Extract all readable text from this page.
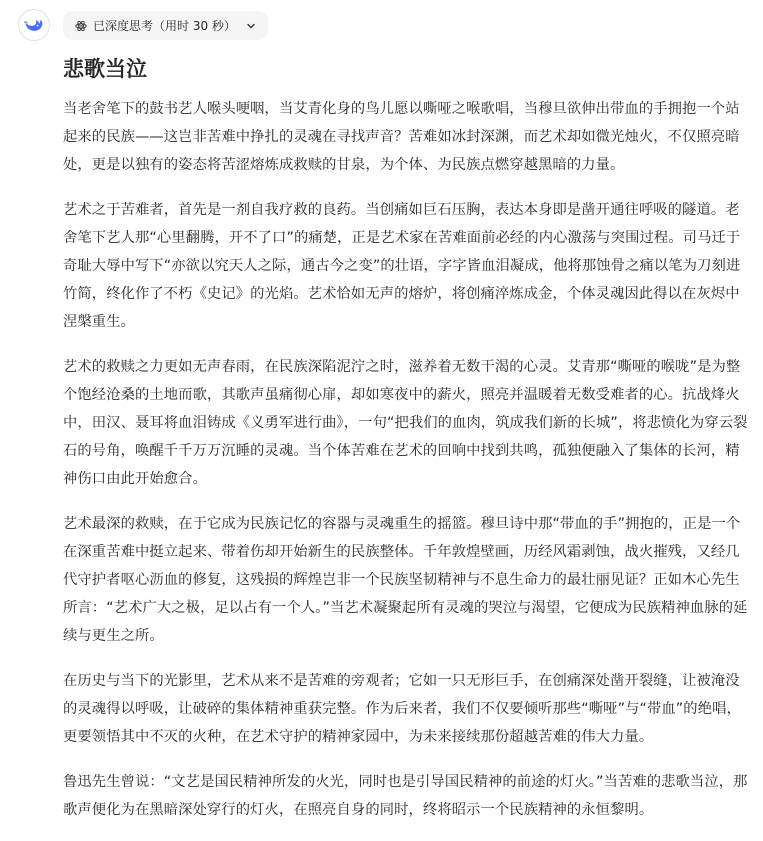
已深度思考（用时 30 秒）
悲歌当泣

当老舍笔下的鼓书艺人喉头哽咽，当艾青化身的鸟儿愿以嘶哑之喉歌唱，当穆旦欲伸出带血的手拥抱一个站起来的民族——这岂非苦难中挣扎的灵魂在寻找声音？苦难如冰封深渊，而艺术却如微光烛火，不仅照亮暗处，更是以独有的姿态将苦涩熔炼成救赎的甘泉，为个体、为民族点燃穿越黑暗的力量。

艺术之于苦难者，首先是一剂自我疗救的良药。当创痛如巨石压胸，表达本身即是凿开通往呼吸的隧道。老舍笔下艺人那“心里翻腾，开不了口”的痛楚，正是艺术家在苦难面前必经的内心激荡与突围过程。司马迁于奇耻大辱中写下“亦欲以究天人之际，通古今之变”的壮语，字字皆血泪凝成，他将那蚀骨之痛以笔为刀刻进竹简，终化作了不朽《史记》的光焰。艺术恰如无声的熔炉，将创痛淬炼成金，个体灵魂因此得以在灰烬中涅槃重生。

艺术的救赎之力更如无声春雨，在民族深陷泥泞之时，滋养着无数干渴的心灵。艾青那“嘶哑的喉咙”是为整个饱经沧桑的土地而歌，其歌声虽痛彻心扉，却如寒夜中的薪火，照亮并温暖着无数受难者的心。抗战烽火中，田汉、聂耳将血泪铸成《义勇军进行曲》，一句“把我们的血肉，筑成我们新的长城”，将悲愤化为穿云裂石的号角，唤醒千千万万沉睡的灵魂。当个体苦难在艺术的回响中找到共鸣，孤独便融入了集体的长河，精神伤口由此开始愈合。

艺术最深的救赎，在于它成为民族记忆的容器与灵魂重生的摇篮。穆旦诗中那“带血的手”拥抱的，正是一个在深重苦难中挺立起来、带着伤却开始新生的民族整体。千年敦煌壁画，历经风霜剥蚀，战火摧残，又经几代守护者呕心沥血的修复，这残损的辉煌岂非一个民族坚韧精神与不息生命力的最壮丽见证？正如木心先生所言：“艺术广大之极，足以占有一个人。”当艺术凝聚起所有灵魂的哭泣与渴望，它便成为民族精神血脉的延续与更生之所。

在历史与当下的光影里，艺术从来不是苦难的旁观者；它如一只无形巨手，在创痛深处凿开裂缝，让被淹没的灵魂得以呼吸，让破碎的集体精神重获完整。作为后来者，我们不仅要倾听那些“嘶哑”与“带血”的绝唱，更要领悟其中不灭的火种，在艺术守护的精神家园中，为未来接续那份超越苦难的伟大力量。

鲁迅先生曾说：“文艺是国民精神所发的火光，同时也是引导国民精神的前途的灯火。”当苦难的悲歌当泣，那歌声便化为在黑暗深处穿行的灯火，在照亮自身的同时，终将昭示一个民族精神的永恒黎明。
